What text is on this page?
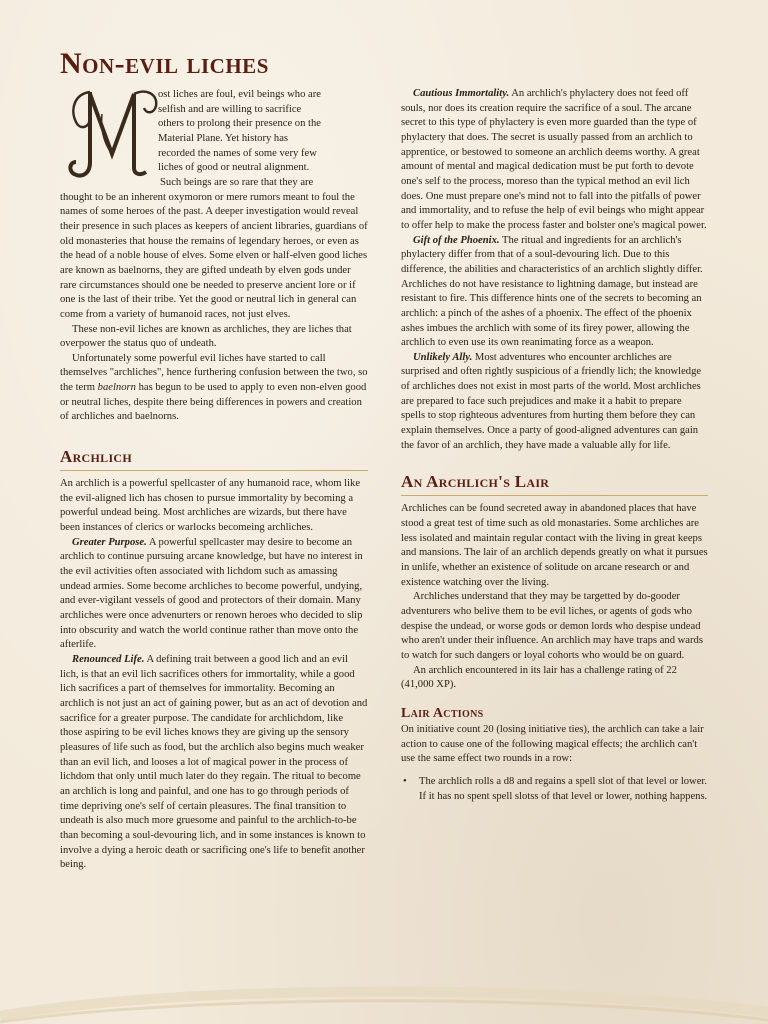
Non-evil liches

ost liches are foul, evil beings who are

selfish and are willing to sacrifice

others to prolong their presence on the

Material Plane. Yet history has

recorded the names of some very few

liches of good or neutral alignment.

Such beings are so rare that they are

thought to be an inherent oxymoron or mere rumors meant to foul the names of some heroes of the past. A deeper investigation would reveal their presence in such places as keepers of ancient libraries, guardians of old monasteries that house the remains of legendary heroes, or even as the head of a noble house of elves. Some elven or half-elven good liches are known as baelnorns, they are gifted undeath by elven gods under rare circumstances should one be needed to preserve ancient lore or if one is the last of their tribe. Yet the good or neutral lich in general can come from a variety of humanoid races, not just elves.

These non-evil liches are known as archliches, they are liches that overpower the status quo of undeath.

Unfortunately some powerful evil liches have started to call themselves "archliches", hence furthering confusion between the two, so the term baelnorn has begun to be used to apply to even non-elven good or neutral liches, despite there being differences in powers and creation of archliches and baelnorns.

Archlich

An archlich is a powerful spellcaster of any humanoid race, whom like the evil-aligned lich has chosen to pursue immortality by becoming a powerful undead being. Most archliches are wizards, but there have been instances of clerics or warlocks becomeing archliches.

Greater Purpose. A powerful spellcaster may desire to become an archlich to continue pursuing arcane knowledge, but have no interest in the evil activities often associated with lichdom such as amassing undead armies. Some become archliches to become powerful, undying, and ever-vigilant vessels of good and protectors of their domain. Many archliches were once advenurters or renown heroes who decided to slip into obscurity and watch the world continue rather than move onto the afterlife.

Renounced Life. A defining trait between a good lich and an evil lich, is that an evil lich sacrifices others for immortality, while a good lich sacrifices a part of themselves for immortality. Becoming an archlich is not just an act of gaining power, but as an act of devotion and sacrifice for a greater purpose. The candidate for archlichdom, like those aspiring to be evil liches knows they are giving up the sensory pleasures of life such as food, but the archlich also begins much weaker than an evil lich, and looses a lot of magical power in the process of lichdom that only until much later do they regain. The ritual to become an archlich is long and painful, and one has to go through periods of time depriving one's self of certain pleasures. The final transition to undeath is also much more gruesome and painful to the archlich-to-be than becoming a soul-devouring lich, and in some instances is known to involve a dying a heroic death or sacrificing one's life to benefit another being.

Cautious Immortality. An archlich's phylactery does not feed off souls, nor does its creation require the sacrifice of a soul. The arcane secret to this type of phylactery is even more guarded than the type of phylactery that does. The secret is usually passed from an archlich to apprentice, or bestowed to someone an archlich deems worthy. A great amount of mental and magical dedication must be put forth to devote one's self to the process, moreso than the typical method an evil lich does. One must prepare one's mind not to fall into the pitfalls of power and immortality, and to refuse the help of evil beings who might appear to offer help to make the process faster and bolster one's magical power.

Gift of the Phoenix. The ritual and ingredients for an archlich's phylactery differ from that of a soul-devouring lich. Due to this difference, the abilities and characteristics of an archlich slightly differ. Archliches do not have resistance to lightning damage, but instead are resistant to fire. This difference hints one of the secrets to becoming an archlich: a pinch of the ashes of a phoenix. The effect of the phoenix ashes imbues the archlich with some of its firey power, allowing the archlich to even use its own reanimating force as a weapon.

Unlikely Ally. Most adventures who encounter archliches are surprised and often rightly suspicious of a friendly lich; the knowledge of archliches does not exist in most parts of the world. Most archliches are prepared to face such prejudices and make it a habit to prepare spells to stop righteous adventures from hurting them before they can explain themselves. Once a party of good-aligned adventures can gain the favor of an archlich, they have made a valuable ally for life.

An Archlich's Lair

Archliches can be found secreted away in abandoned places that have stood a great test of time such as old monastaries. Some archliches are less isolated and maintain regular contact with the living in great keeps and mansions. The lair of an archlich depends greatly on what it pursues in unlife, whether an existence of solitude on arcane research or and existence watching over the living.

Archliches understand that they may be targetted by do-gooder adventurers who belive them to be evil liches, or agents of gods who despise the undead, or worse gods or demon lords who despise undead who aren't under their influence. An archlich may have traps and wards to watch for such dangers or loyal cohorts who would be on guard.

An archlich encountered in its lair has a challenge rating of 22 (41,000 XP).

Lair Actions

On initiative count 20 (losing initiative ties), the archlich can take a lair action to cause one of the following magical effects; the archlich can't use the same effect two rounds in a row:

• The archlich rolls a d8 and regains a spell slot of that level or lower. If it has no spent spell slotss of that level or lower, nothing happens.
